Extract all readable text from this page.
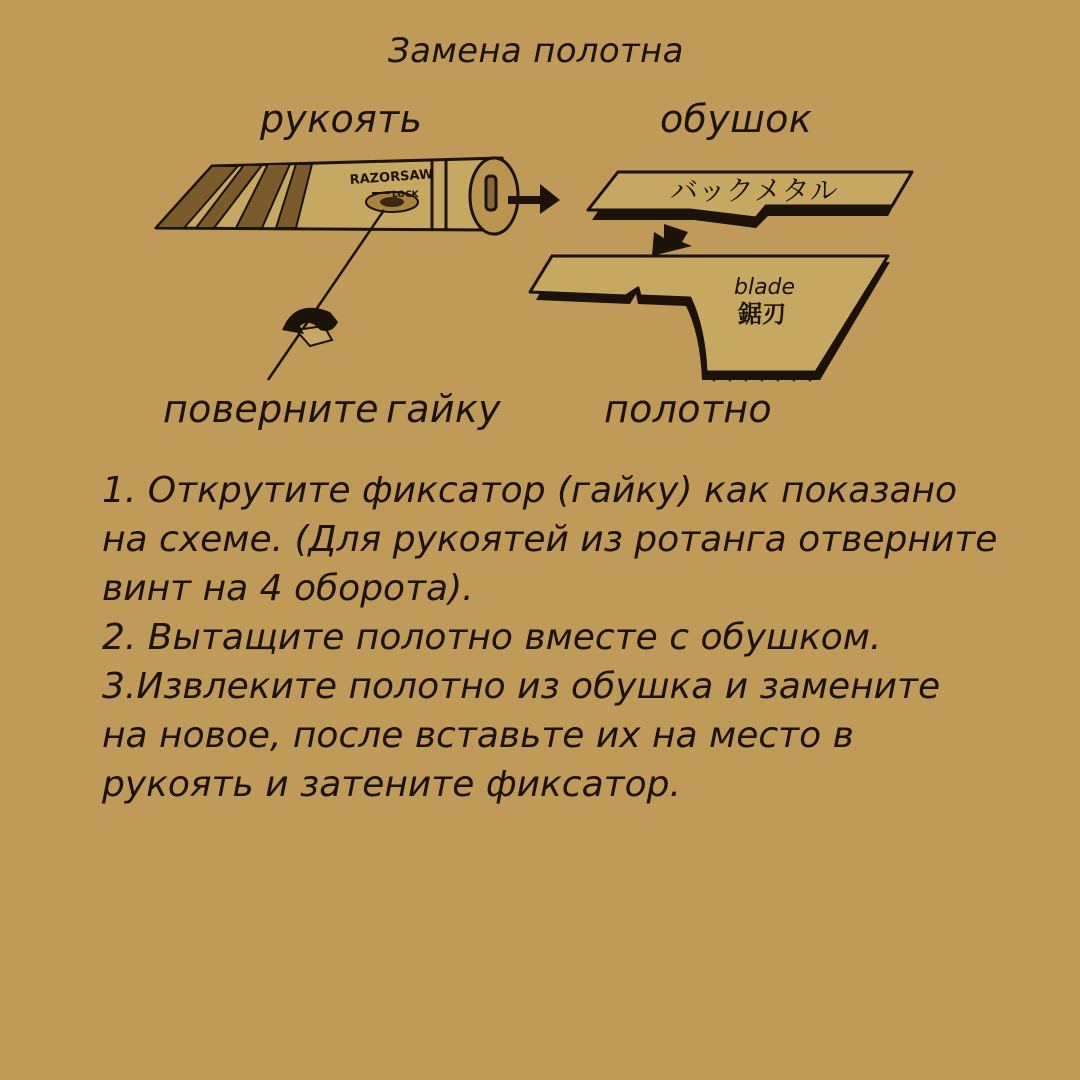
Замена полотна
рукоять	обушок
RAZORSAW
LOCK	バックメタル
blade
鋸刃
поверните гайку	полотно
1. Открутите фиксатор (гайку) как показано
на схеме. (Для рукоятей из ротанга отверните
винт на 4 оборота).
2. Вытащите полотно вместе с обушком.
3.Извлеките полотно из обушка и замените
на новое, после вставьте их на место в
рукоять и затените фиксатор.
